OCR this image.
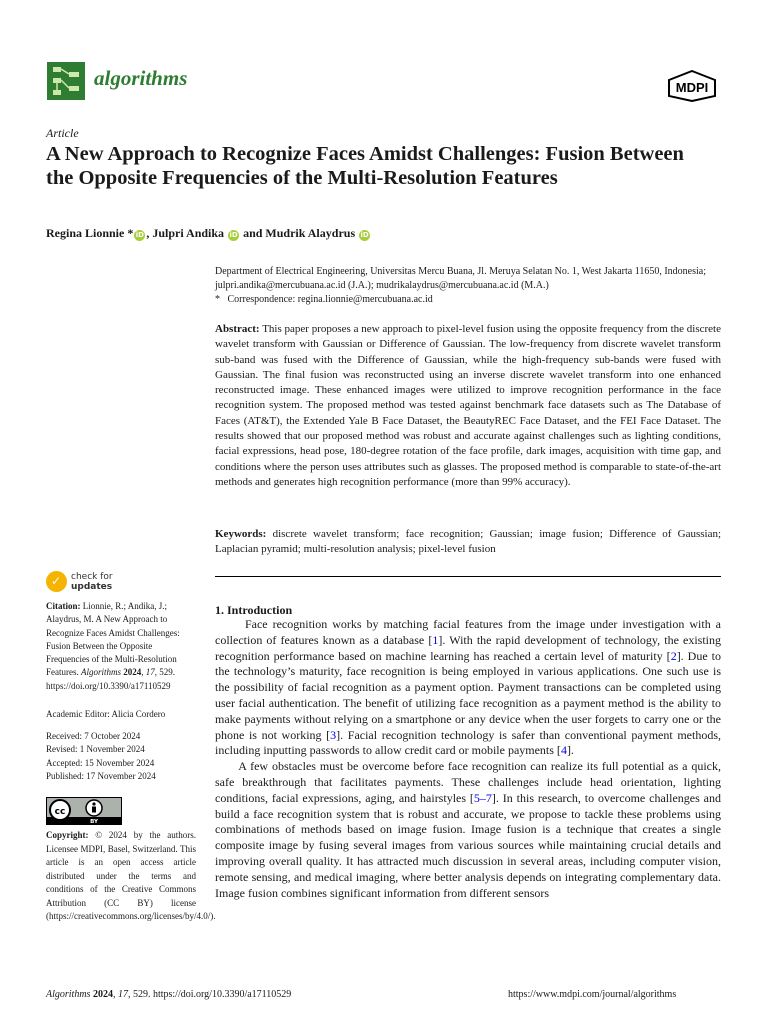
algorithms	MDPI
Article
A New Approach to Recognize Faces Amidst Challenges: Fusion Between the Opposite Frequencies of the Multi-Resolution Features
Regina Lionnie * iD , Julpri Andika iD and Mudrik Alaydrus iD
Department of Electrical Engineering, Universitas Mercu Buana, Jl. Meruya Selatan No. 1, West Jakarta 11650, Indonesia; julpri.andika@mercubuana.ac.id (J.A.); mudrikalaydrus@mercubuana.ac.id (M.A.)
*   Correspondence: regina.lionnie@mercubuana.ac.id
Abstract: This paper proposes a new approach to pixel-level fusion using the opposite frequency from the discrete wavelet transform with Gaussian or Difference of Gaussian. The low-frequency from discrete wavelet transform sub-band was fused with the Difference of Gaussian, while the high-frequency sub-bands were fused with Gaussian. The final fusion was reconstructed using an inverse discrete wavelet transform into one enhanced reconstructed image. These enhanced images were utilized to improve recognition performance in the face recognition system. The proposed method was tested against benchmark face datasets such as The Database of Faces (AT&T), the Extended Yale B Face Dataset, the BeautyREC Face Dataset, and the FEI Face Dataset. The results showed that our proposed method was robust and accurate against challenges such as lighting conditions, facial expressions, head pose, 180-degree rotation of the face profile, dark images, acquisition with time gap, and conditions where the person uses attributes such as glasses. The proposed method is comparable to state-of-the-art methods and generates high recognition performance (more than 99% accuracy).
Keywords: discrete wavelet transform; face recognition; Gaussian; image fusion; Difference of Gaussian; Laplacian pyramid; multi-resolution analysis; pixel-level fusion
✓ check for
updates
Citation: Lionnie, R.; Andika, J.; Alaydrus, M. A New Approach to Recognize Faces Amidst Challenges: Fusion Between the Opposite Frequencies of the Multi-Resolution Features. Algorithms 2024, 17, 529. https://doi.org/10.3390/a17110529
Academic Editor: Alicia Cordero
Received: 7 October 2024
Revised: 1 November 2024
Accepted: 15 November 2024
Published: 17 November 2024
cc
BY
Copyright: © 2024 by the authors. Licensee MDPI, Basel, Switzerland. This article is an open access article distributed under the terms and conditions of the Creative Commons Attribution (CC BY) license (https://creativecommons.org/licenses/by/4.0/).
1. Introduction

Face recognition works by matching facial features from the image under investigation with a collection of features known as a database [1]. With the rapid development of technology, the existing recognition performance based on machine learning has reached a certain level of maturity [2]. Due to the technology’s maturity, face recognition is being employed in various applications. One such use is the possibility of facial recognition as a payment option. Payment transactions can be completed using user facial authentication. The benefit of utilizing face recognition as a payment method is the ability to make payments without relying on a smartphone or any device when the user forgets to carry one or the phone is not working [3]. Facial recognition technology is safer than conventional payment methods, including inputting passwords to allow credit card or mobile payments [4].

A few obstacles must be overcome before face recognition can realize its full potential as a quick, safe breakthrough that facilitates payments. These challenges include head orientation, lighting conditions, facial expressions, aging, and hairstyles [5–7]. In this research, to overcome challenges and build a face recognition system that is robust and accurate, we propose to tackle these problems using combinations of methods based on image fusion. Image fusion is a technique that creates a single composite image by fusing several images from various sources while maintaining crucial details and improving overall quality. It has attracted much discussion in several areas, including computer vision, remote sensing, and medical imaging, where better analysis depends on integrating complementary data. Image fusion combines significant information from different sensors

Algorithms 2024, 17, 529. https://doi.org/10.3390/a17110529	https://www.mdpi.com/journal/algorithms
